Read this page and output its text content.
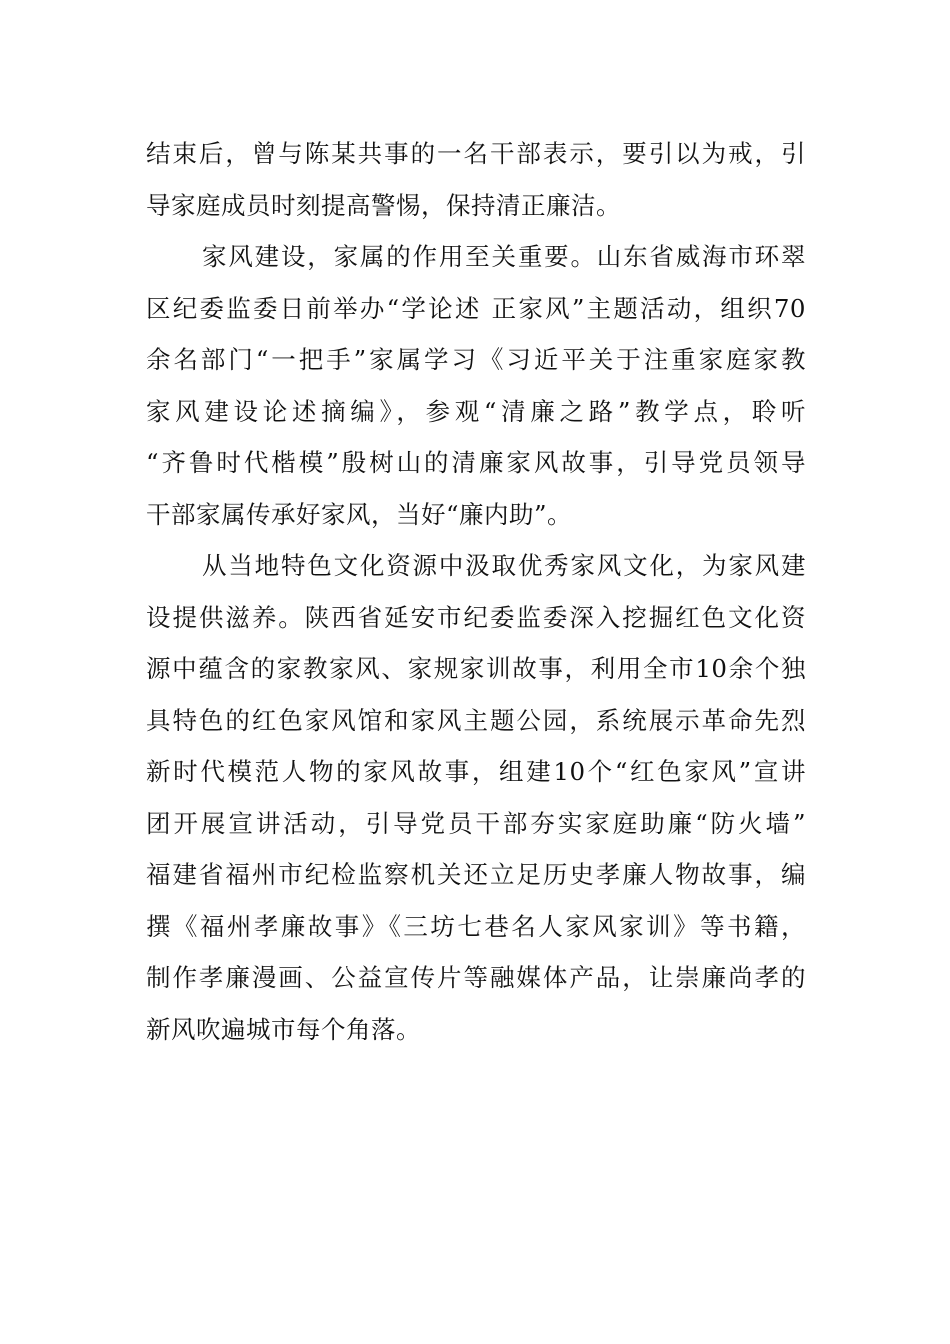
结束后，曾与陈某共事的一名干部表示，要引以为戒，引
导家庭成员时刻提高警惕，保持清正廉洁。
家风建设，家属的作用至关重要。山东省威海市环翠
区纪委监委日前举办“学论述 正家风”主题活动，组织70
余名部门“一把手”家属学习《习近平关于注重家庭家教
家风建设论述摘编》，参观“清廉之路”教学点，聆听
“齐鲁时代楷模”殷树山的清廉家风故事，引导党员领导
干部家属传承好家风，当好“廉内助”。
从当地特色文化资源中汲取优秀家风文化，为家风建
设提供滋养。陕西省延安市纪委监委深入挖掘红色文化资
源中蕴含的家教家风、家规家训故事，利用全市10余个独
具特色的红色家风馆和家风主题公园，系统展示革命先烈
新时代模范人物的家风故事，组建10个“红色家风”宣讲
团开展宣讲活动，引导党员干部夯实家庭助廉“防火墙”
福建省福州市纪检监察机关还立足历史孝廉人物故事，编
撰《福州孝廉故事》《三坊七巷名人家风家训》等书籍，
制作孝廉漫画、公益宣传片等融媒体产品，让崇廉尚孝的
新风吹遍城市每个角落。
